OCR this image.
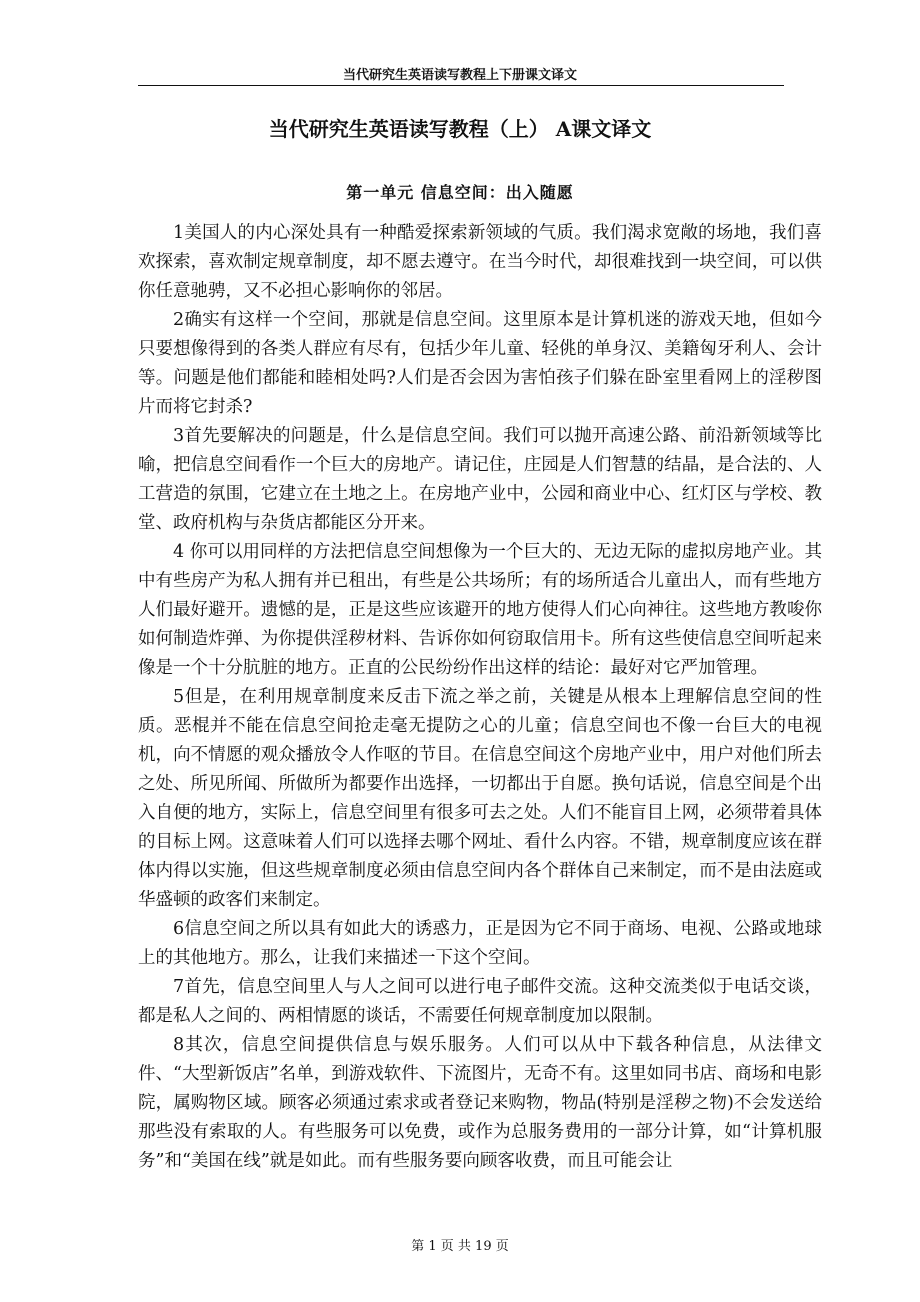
当代研究生英语读写教程上下册课文译文
当代研究生英语读写教程（上） A课文译文
第一单元 信息空间：出入随愿

1美国人的内心深处具有一种酷爱探索新领域的气质。我们渴求宽敞的场地，我们喜欢探索，喜欢制定规章制度，却不愿去遵守。在当今时代，却很难找到一块空间，可以供你任意驰骋，又不必担心影响你的邻居。

2确实有这样一个空间，那就是信息空间。这里原本是计算机迷的游戏天地，但如今只要想像得到的各类人群应有尽有，包括少年儿童、轻佻的单身汉、美籍匈牙利人、会计等。问题是他们都能和睦相处吗?人们是否会因为害怕孩子们躲在卧室里看网上的淫秽图片而将它封杀?

3首先要解决的问题是，什么是信息空间。我们可以抛开高速公路、前沿新领域等比喻，把信息空间看作一个巨大的房地产。请记住，庄园是人们智慧的结晶，是合法的、人工营造的氛围，它建立在土地之上。在房地产业中，公园和商业中心、红灯区与学校、教堂、政府机构与杂货店都能区分开来。

4 你可以用同样的方法把信息空间想像为一个巨大的、无边无际的虚拟房地产业。其中有些房产为私人拥有并已租出，有些是公共场所；有的场所适合儿童出人，而有些地方人们最好避开。遗憾的是，正是这些应该避开的地方使得人们心向神往。这些地方教唆你如何制造炸弹、为你提供淫秽材料、告诉你如何窃取信用卡。所有这些使信息空间听起来像是一个十分肮脏的地方。正直的公民纷纷作出这样的结论：最好对它严加管理。

5但是，在利用规章制度来反击下流之举之前，关键是从根本上理解信息空间的性质。恶棍并不能在信息空间抢走毫无提防之心的儿童；信息空间也不像一台巨大的电视机，向不情愿的观众播放令人作呕的节目。在信息空间这个房地产业中，用户对他们所去之处、所见所闻、所做所为都要作出选择，一切都出于自愿。换句话说，信息空间是个出入自便的地方，实际上，信息空间里有很多可去之处。人们不能盲目上网，必须带着具体的目标上网。这意味着人们可以选择去哪个网址、看什么内容。不错，规章制度应该在群体内得以实施，但这些规章制度必须由信息空间内各个群体自己来制定，而不是由法庭或华盛顿的政客们来制定。

6信息空间之所以具有如此大的诱惑力，正是因为它不同于商场、电视、公路或地球上的其他地方。那么，让我们来描述一下这个空间。

7首先，信息空间里人与人之间可以进行电子邮件交流。这种交流类似于电话交谈，都是私人之间的、两相情愿的谈话，不需要任何规章制度加以限制。

8其次，信息空间提供信息与娱乐服务。人们可以从中下载各种信息，从法律文件、“大型新饭店”名单，到游戏软件、下流图片，无奇不有。这里如同书店、商场和电影院，属购物区域。顾客必须通过索求或者登记来购物，物品(特别是淫秽之物)不会发送给那些没有索取的人。有些服务可以免费，或作为总服务费用的一部分计算，如“计算机服务”和“美国在线”就是如此。而有些服务要向顾客收费，而且可能会让

第 1 页 共 19 页
